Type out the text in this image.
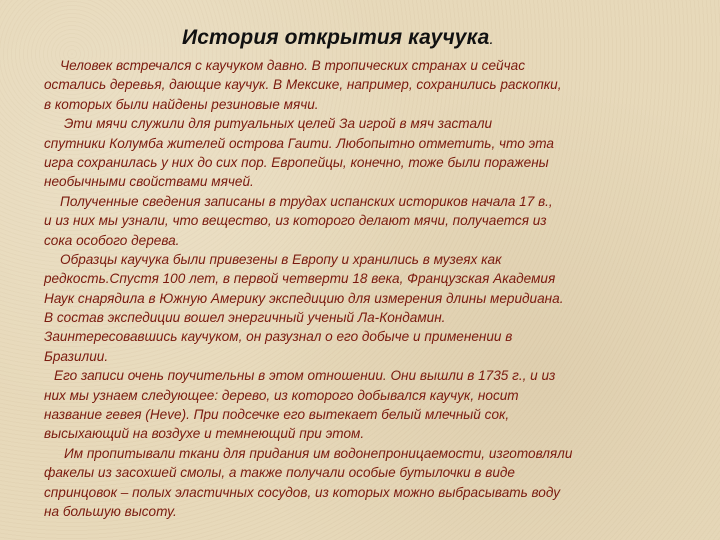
История открытия каучука.
Человек встречался с каучуком давно. В тропических странах и сейчас
остались деревья, дающие каучук. В Мексике, например, сохранились раскопки,
в которых были найдены резиновые мячи.
Эти мячи служили для ритуальных целей За игрой в мяч застали
спутники Колумба жителей острова Гаити. Любопытно отметить, что эта
игра сохранилась у них до сих пор. Европейцы, конечно, тоже были поражены
необычными свойствами мячей.
Полученные сведения записаны в трудах испанских историков начала 17 в.,
и из них мы узнали, что вещество, из которого делают мячи, получается из
сока особого дерева.
Образцы каучука были привезены в Европу и хранились в музеях как
редкость.Спустя 100 лет, в первой четверти 18 века, Французская Академия
Наук снарядила в Южную Америку экспедицию для измерения длины меридиана.
В состав экспедиции вошел энергичный ученый Ла-Кондамин.
Заинтересовавшись каучуком, он разузнал о его добыче и применении в
Бразилии.
Его записи очень поучительны в этом отношении. Они вышли в 1735 г., и из
них мы узнаем следующее: дерево, из которого добывался каучук, носит
название гевея (Heve). При подсечке его вытекает белый млечный сок,
высыхающий на воздухе и темнеющий при этом.
Им пропитывали ткани для придания им водонепроницаемости, изготовляли
факелы из засохшей смолы, а также получали особые бутылочки в виде
спринцовок – полых эластичных сосудов, из которых можно выбрасывать воду
на большую высоту.
